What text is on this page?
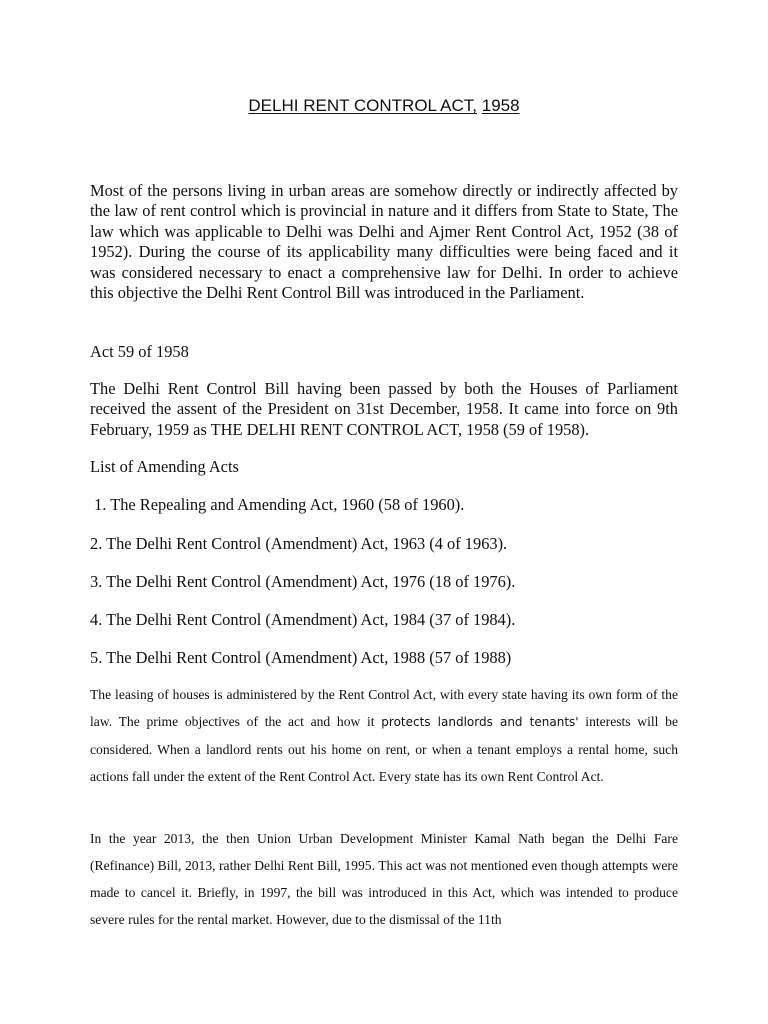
DELHI RENT CONTROL ACT, 1958

Most of the persons living in urban areas are somehow directly or indirectly affected by the law of rent control which is provincial in nature and it differs from State to State, The law which was applicable to Delhi was Delhi and Ajmer Rent Control Act, 1952 (38 of 1952). During the course of its applicability many difficulties were being faced and it was considered necessary to enact a comprehensive law for Delhi. In order to achieve this objective the Delhi Rent Control Bill was introduced in the Parliament.

Act 59 of 1958

The Delhi Rent Control Bill having been passed by both the Houses of Parliament received the assent of the President on 31st December, 1958. It came into force on 9th February, 1959 as THE DELHI RENT CONTROL ACT, 1958 (59 of 1958).

List of Amending Acts

1. The Repealing and Amending Act, 1960 (58 of 1960).

2. The Delhi Rent Control (Amendment) Act, 1963 (4 of 1963).

3. The Delhi Rent Control (Amendment) Act, 1976 (18 of 1976).

4. The Delhi Rent Control (Amendment) Act, 1984 (37 of 1984).

5. The Delhi Rent Control (Amendment) Act, 1988 (57 of 1988)

The leasing of houses is administered by the Rent Control Act, with every state having its own form of the law. The prime objectives of the act and how it protects landlords and tenants' interests will be considered. When a landlord rents out his home on rent, or when a tenant employs a rental home, such actions fall under the extent of the Rent Control Act. Every state has its own Rent Control Act.

In the year 2013, the then Union Urban Development Minister Kamal Nath began the Delhi Fare (Refinance) Bill, 2013, rather Delhi Rent Bill, 1995. This act was not mentioned even though attempts were made to cancel it. Briefly, in 1997, the bill was introduced in this Act, which was intended to produce severe rules for the rental market. However, due to the dismissal of the 11th
